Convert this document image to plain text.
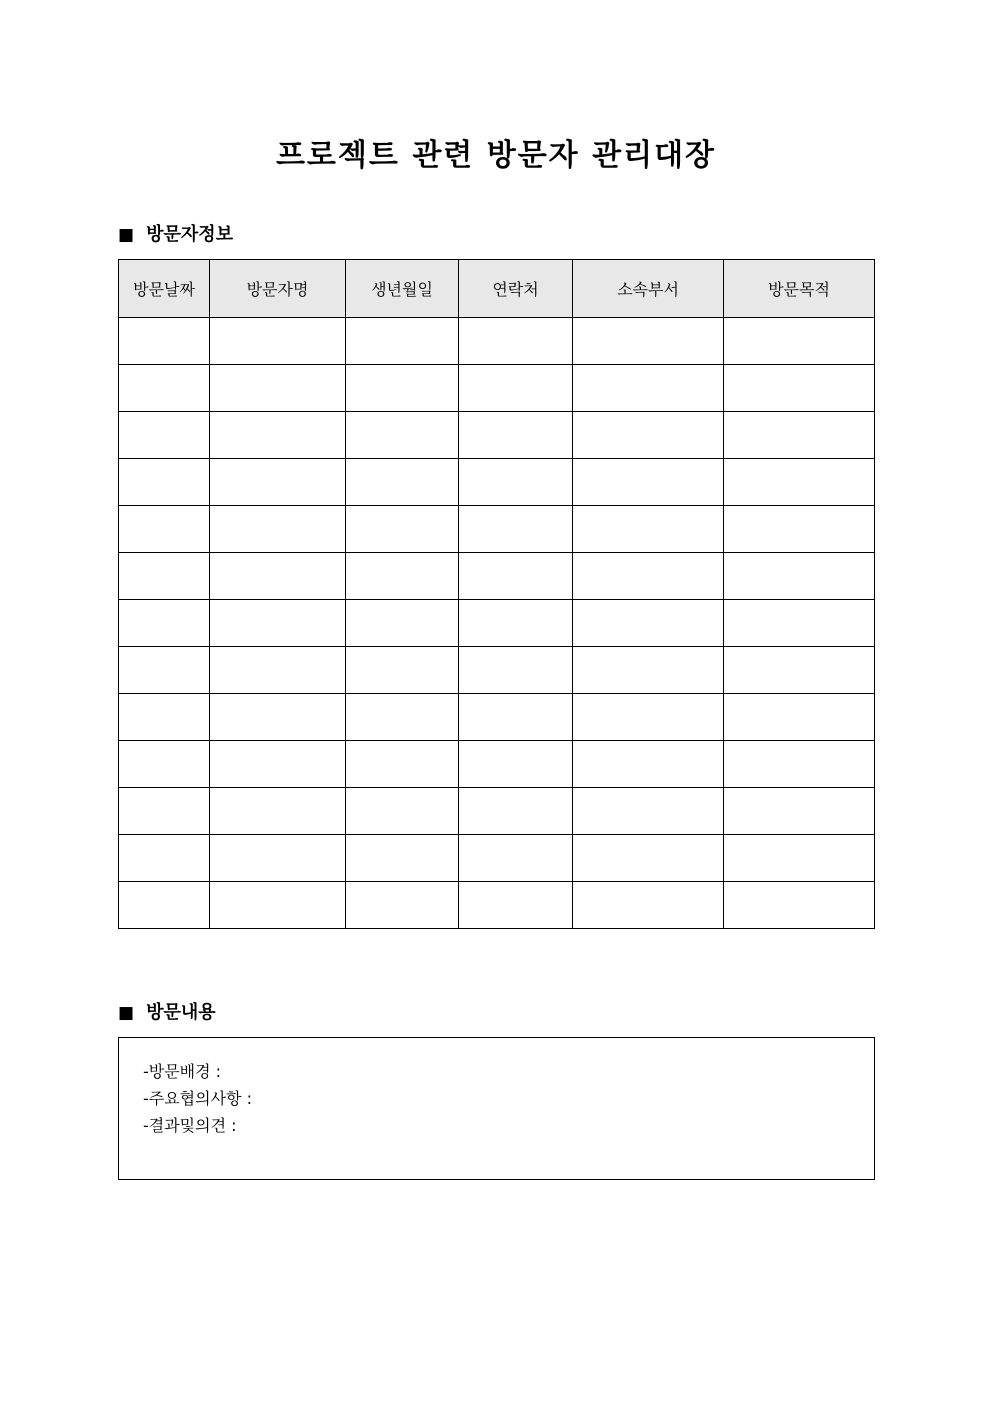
프로젝트 관련 방문자 관리대장
■ 방문자정보
방문날짜	방문자명	생년월일	연락처	소속부서	방문목적

■ 방문내용
-방문배경 :
-주요협의사항 :
-결과및의견 :
